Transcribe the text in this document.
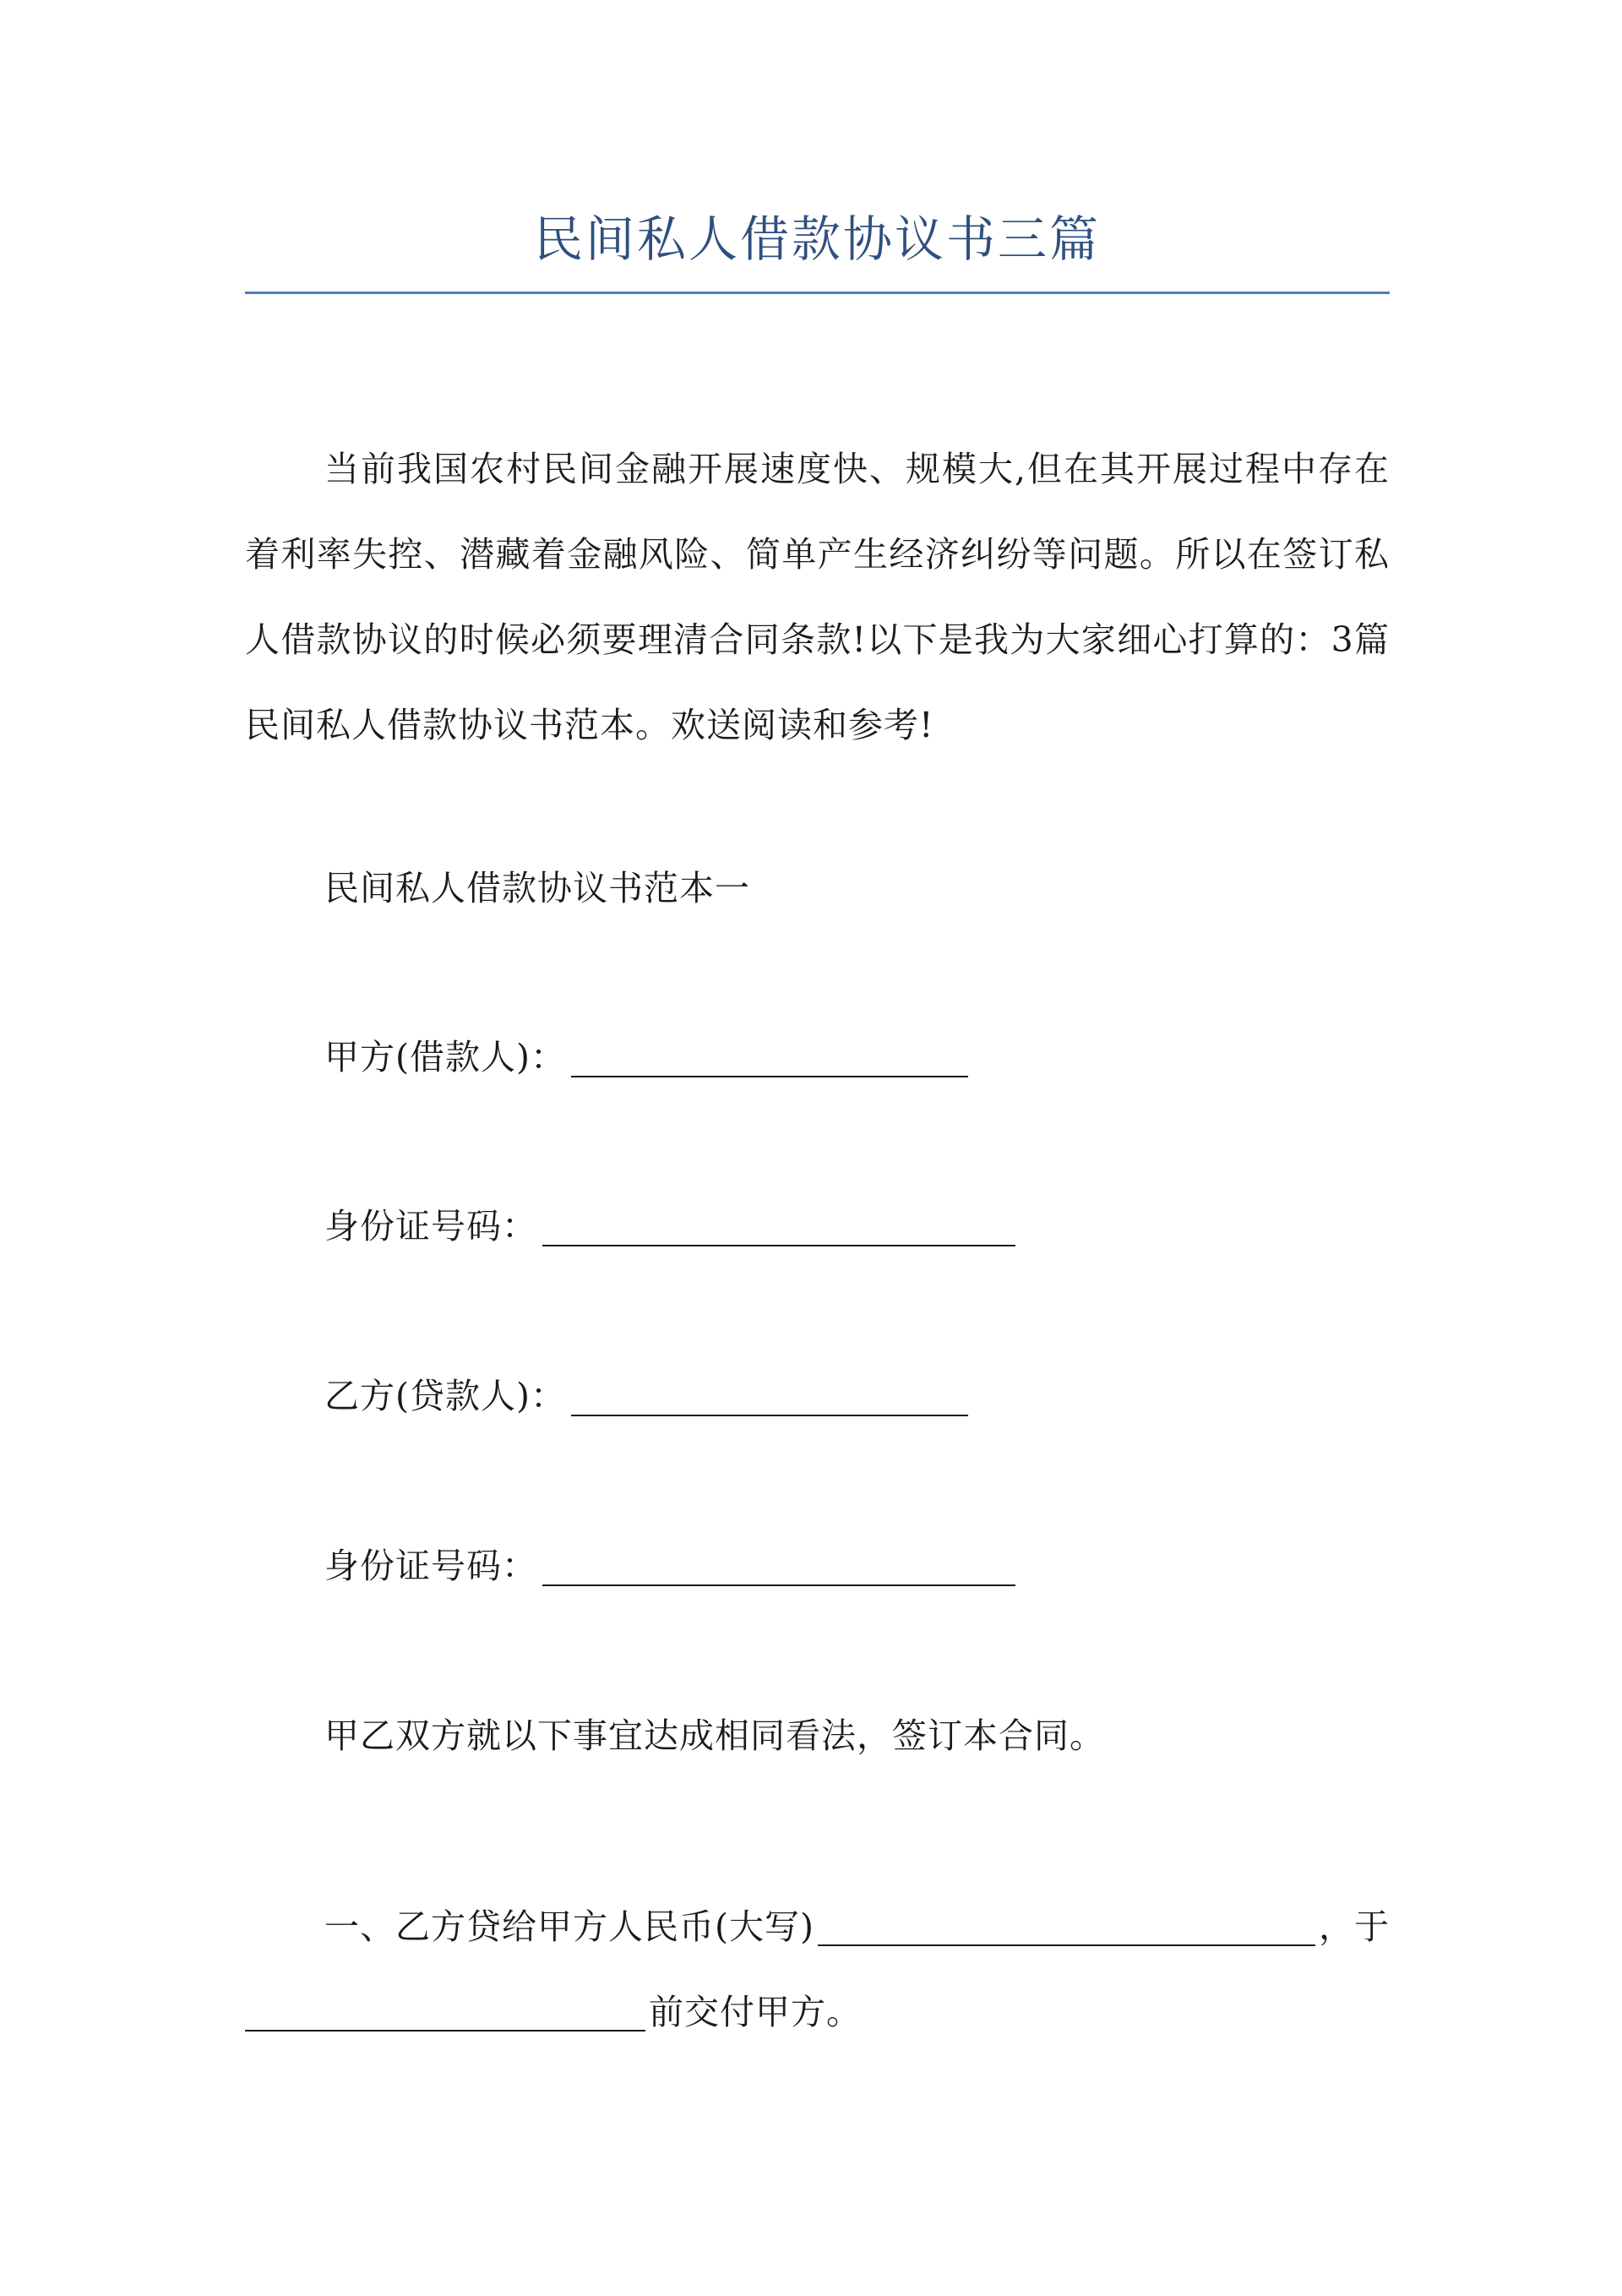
民间私人借款协议书三篇

当前我国农村民间金融开展速度快、规模大,但在其开展过程中存在着利率失控、潜藏着金融风险、简单产生经济纠纷等问题。所以在签订私人借款协议的时候必须要理清合同条款!以下是我为大家细心打算的：3篇民间私人借款协议书范本。欢送阅读和参考!

民间私人借款协议书范本一

甲方(借款人)：

身份证号码：

乙方(贷款人)：

身份证号码：

甲乙双方就以下事宜达成相同看法，签订本合同。

一、乙方贷给甲方人民币(大写)	，于
前交付甲方。
